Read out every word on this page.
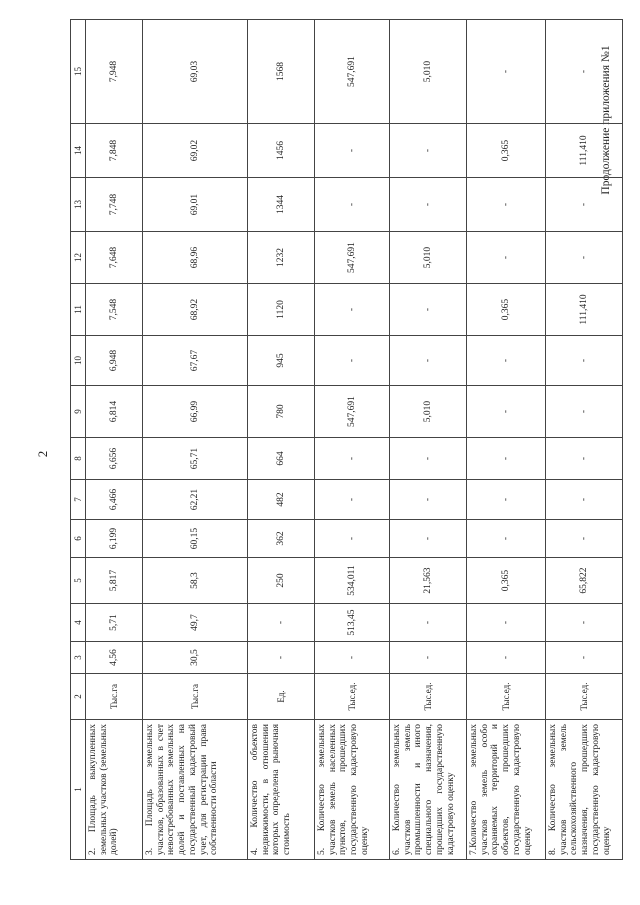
2
Продолжение приложения №1
1	2	3	4	5	6	7	8	9	10	11	12	13	14	15
2. Площадь выкупленных земельных участков (земельных долей)	Тыс.га	4,56	5,71	5,817	6,199	6,466	6,656	6,814	6,948	7,548	7,648	7,748	7,848	7,948
3. Площадь земельных участков, образованных в счет невостребованных земельных долей и поставленных на государственный кадастровый учет, для регистрации права собственности области	Тыс.га	30,5	49,7	58,3	60,15	62,21	65,71	66,99	67,67	68,92	68,96	69,01	69,02	69,03
4. Количество объектов недвижимости, в отношении которых определена рыночная стоимость	Ед.	-	-	250	362	482	664	780	945	1120	1232	1344	1456	1568
5. Количество земельных участков земель населенных пунктов, прошедших государственную кадастровую оценку	Тыс.ед.	-	513,45	534,011	-	-	-	547,691	-	-	547,691	-	-	547,691
6. Количество земельных участков земель промышленности и иного специального назначения, прошедших государственную кадастровую оценку	Тыс.ед.	-	-	21,563	-	-	-	5,010	-	-	5,010	-	-	5,010
7.Количество земельных участков земель особо охраняемых территорий и объектов, прошедших государственную кадастровую оценку	Тыс.ед.	-	-	0,365	-	-	-	-	-	0,365	-	-	0,365	-
8. Количество земельных участков земель сельскохозяйственного назначения, прошедших государственную кадастровую оценку	Тыс.ед.	-	-	65,822	-	-	-	-	-	111,410	-	-	111,410	-
